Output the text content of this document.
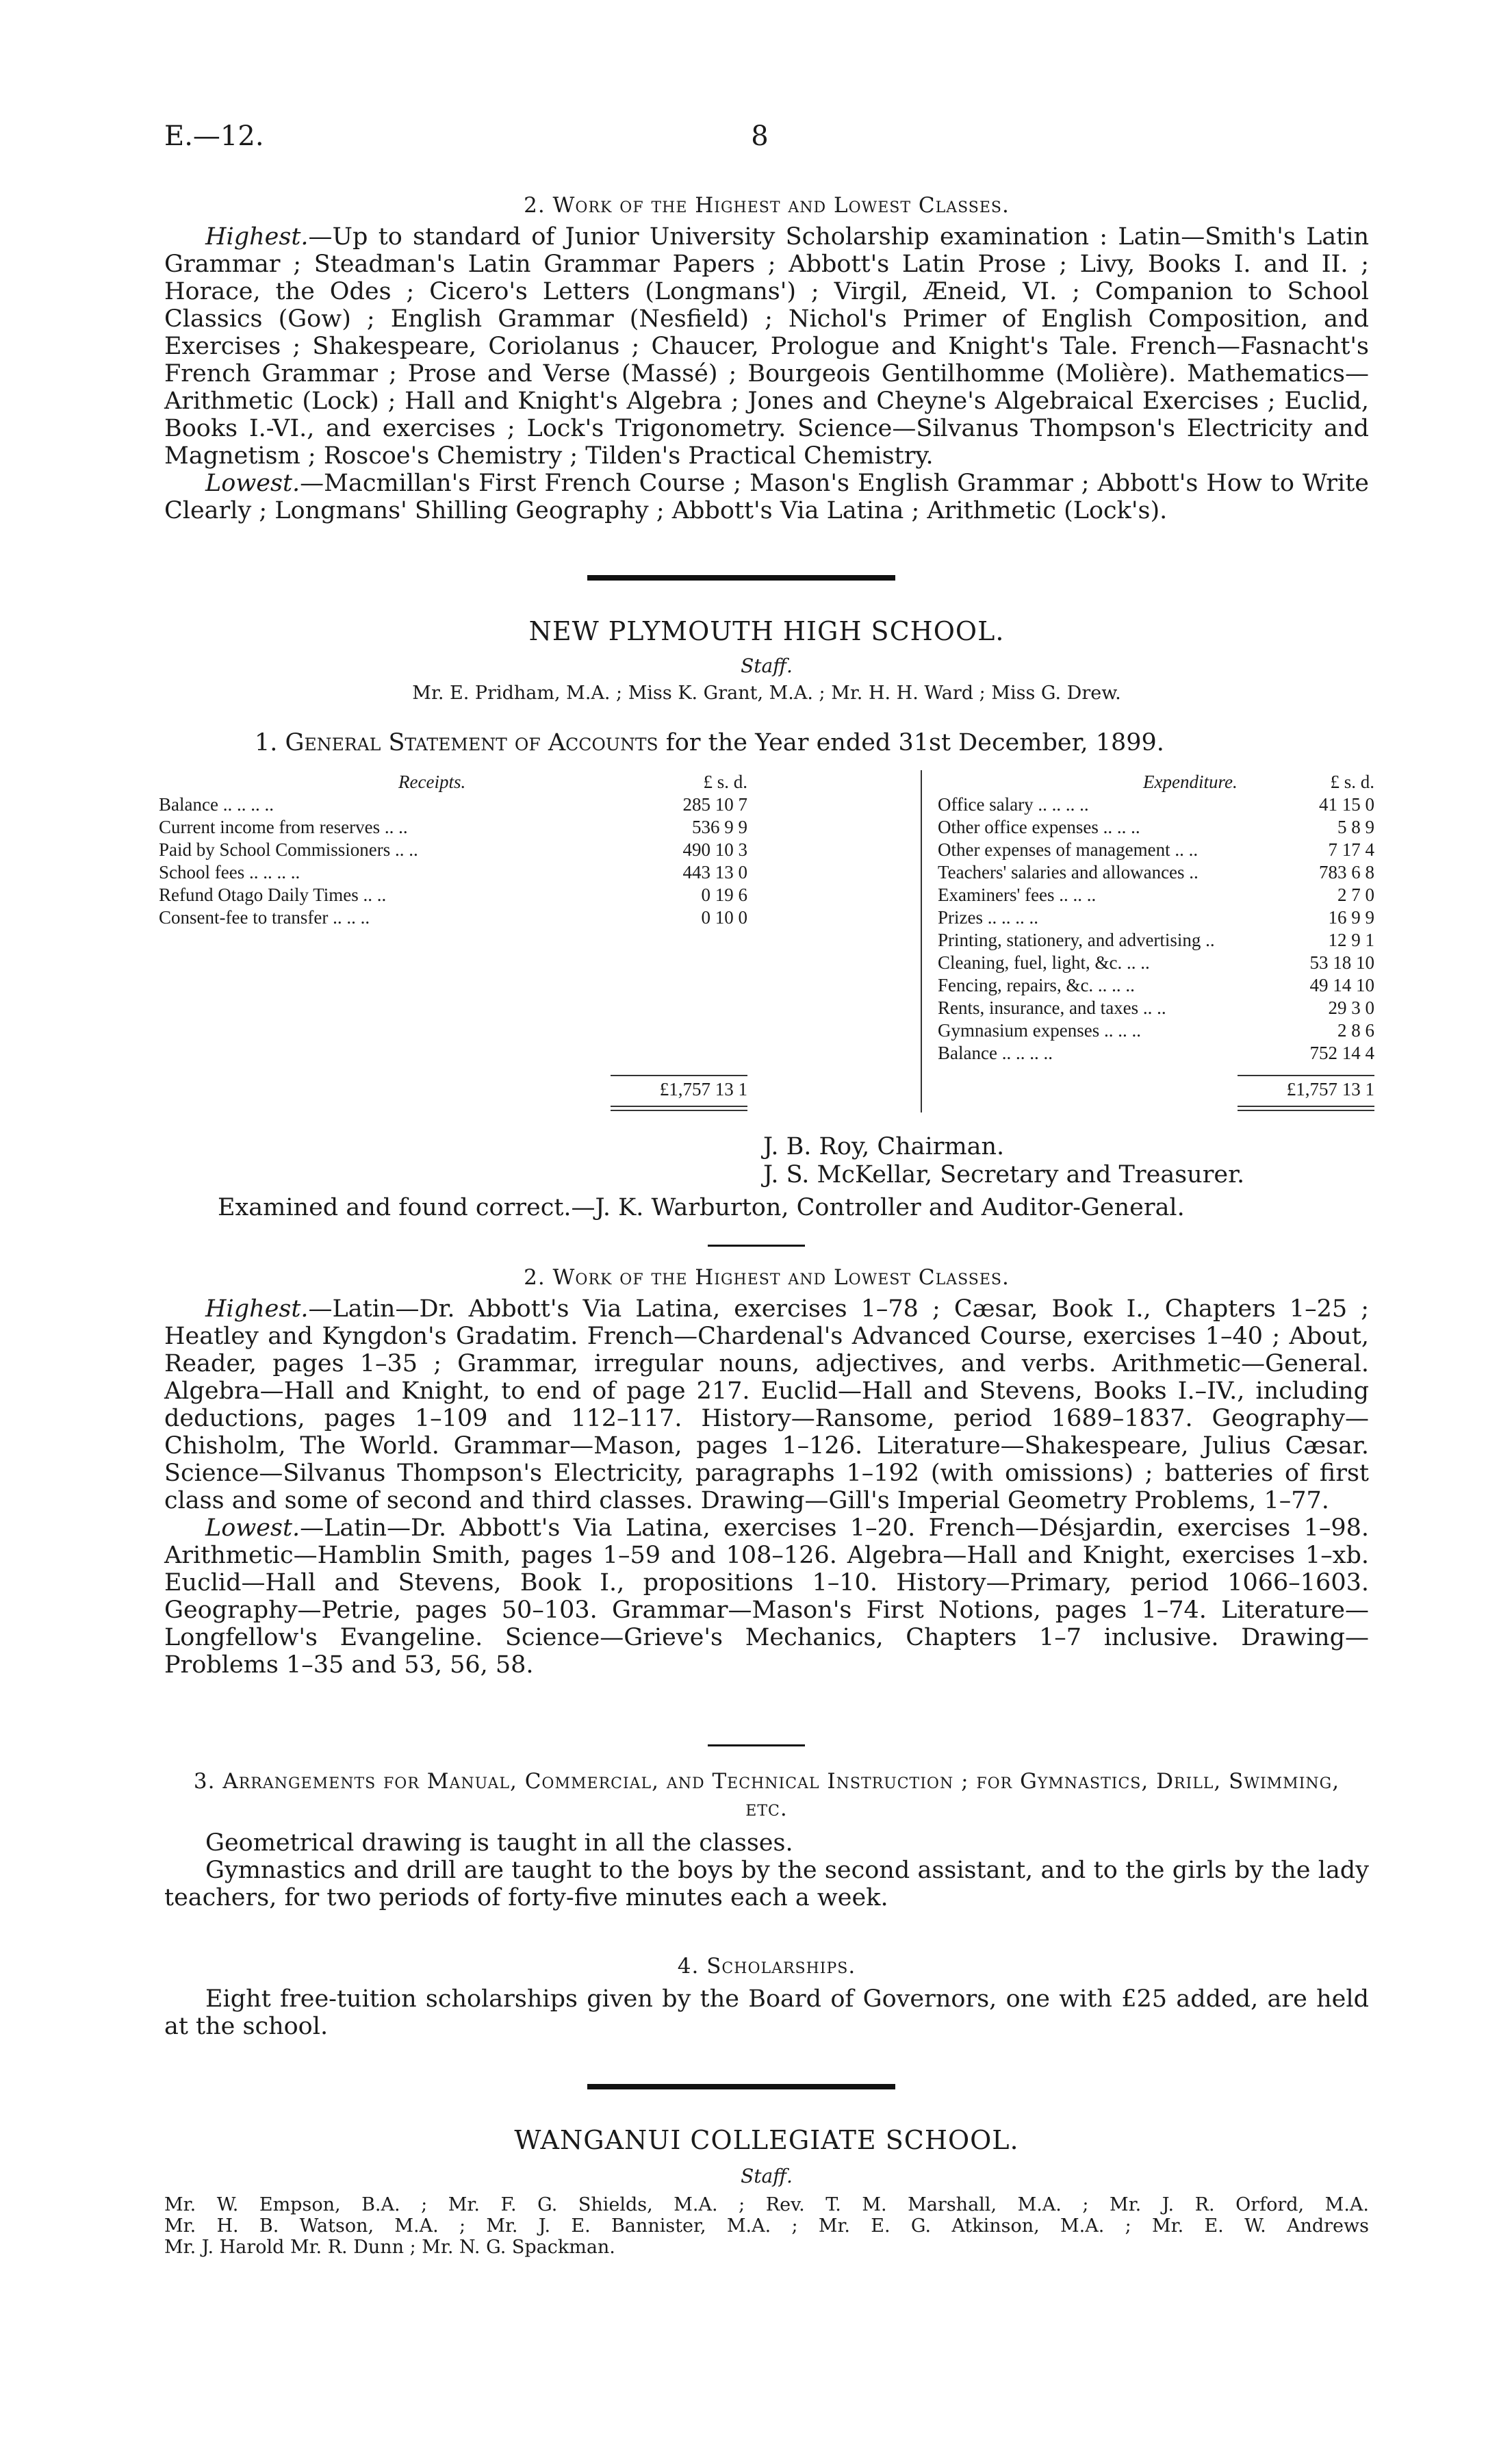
E.—12.	8
2. Work of the Highest and Lowest Classes.
Highest.—Up to standard of Junior University Scholarship examination : Latin—Smith's Latin Grammar ; Steadman's Latin Grammar Papers ; Abbott's Latin Prose ; Livy, Books I. and II. ; Horace, the Odes ; Cicero's Letters (Longmans') ; Virgil, Æneid, VI. ; Companion to School Classics (Gow) ; English Grammar (Nesfield) ; Nichol's Primer of English Composition, and Exercises ; Shakespeare, Coriolanus ; Chaucer, Prologue and Knight's Tale. French—Fasnacht's French Grammar ; Prose and Verse (Massé) ; Bourgeois Gentilhomme (Molière). Mathematics—Arithmetic (Lock) ; Hall and Knight's Algebra ; Jones and Cheyne's Algebraical Exercises ; Euclid, Books I.-VI., and exercises ; Lock's Trigonometry. Science—Silvanus Thompson's Electricity and Magnetism ; Roscoe's Chemistry ; Tilden's Practical Chemistry.
Lowest.—Macmillan's First French Course ; Mason's English Grammar ; Abbott's How to Write Clearly ; Longmans' Shilling Geography ; Abbott's Via Latina ; Arithmetic (Lock's).
NEW PLYMOUTH HIGH SCHOOL.
Staff.
Mr. E. Pridham, M.A. ; Miss K. Grant, M.A. ; Mr. H. H. Ward ; Miss G. Drew.
1. General Statement of Accounts for the Year ended 31st December, 1899.
Receipts.	£ s. d.
Balance .. .. .. ..	285 10 7
Current income from reserves .. ..	536 9 9
Paid by School Commissioners .. ..	490 10 3
School fees .. .. .. ..	443 13 0
Refund Otago Daily Times .. ..	0 19 6
Consent-fee to transfer .. .. ..	0 10 0
£1,757 13 1
Expenditure.	£ s. d.
Office salary .. .. .. ..	41 15 0
Other office expenses .. .. ..	5 8 9
Other expenses of management .. ..	7 17 4
Teachers' salaries and allowances ..	783 6 8
Examiners' fees .. .. ..	2 7 0
Prizes .. .. .. ..	16 9 9
Printing, stationery, and advertising ..	12 9 1
Cleaning, fuel, light, &c. .. ..	53 18 10
Fencing, repairs, &c. .. .. ..	49 14 10
Rents, insurance, and taxes .. ..	29 3 0
Gymnasium expenses .. .. ..	2 8 6
Balance .. .. .. ..	752 14 4
£1,757 13 1
J. B. Roy, Chairman.
J. S. McKellar, Secretary and Treasurer.
Examined and found correct.—J. K. Warburton, Controller and Auditor-General.
2. Work of the Highest and Lowest Classes.
Highest.—Latin—Dr. Abbott's Via Latina, exercises 1–78 ; Cæsar, Book I., Chapters 1–25 ; Heatley and Kyngdon's Gradatim. French—Chardenal's Advanced Course, exercises 1–40 ; About, Reader, pages 1–35 ; Grammar, irregular nouns, adjectives, and verbs. Arithmetic—General. Algebra—Hall and Knight, to end of page 217. Euclid—Hall and Stevens, Books I.–IV., including deductions, pages 1–109 and 112–117. History—Ransome, period 1689–1837. Geography—Chisholm, The World. Grammar—Mason, pages 1–126. Literature—Shakespeare, Julius Cæsar. Science—Silvanus Thompson's Electricity, paragraphs 1–192 (with omissions) ; batteries of first class and some of second and third classes. Drawing—Gill's Imperial Geometry Problems, 1–77.
Lowest.—Latin—Dr. Abbott's Via Latina, exercises 1–20. French—Désjardin, exercises 1–98. Arithmetic—Hamblin Smith, pages 1–59 and 108–126. Algebra—Hall and Knight, exercises 1–xb. Euclid—Hall and Stevens, Book I., propositions 1–10. History—Primary, period 1066–1603. Geography—Petrie, pages 50–103. Grammar—Mason's First Notions, pages 1–74. Literature—Longfellow's Evangeline. Science—Grieve's Mechanics, Chapters 1–7 inclusive. Drawing—Problems 1–35 and 53, 56, 58.
3. Arrangements for Manual, Commercial, and Technical Instruction ; for Gymnastics, Drill, Swimming, etc.
Geometrical drawing is taught in all the classes.
Gymnastics and drill are taught to the boys by the second assistant, and to the girls by the lady teachers, for two periods of forty-five minutes each a week.
4. Scholarships.
Eight free-tuition scholarships given by the Board of Governors, one with £25 added, are held at the school.
WANGANUI COLLEGIATE SCHOOL.
Staff.
Mr. W. Empson, B.A. ; Mr. F. G. Shields, M.A. ; Rev. T. M. Marshall, M.A. ; Mr. J. R. Orford, M.A.
Mr. H. B. Watson, M.A. ; Mr. J. E. Bannister, M.A. ; Mr. E. G. Atkinson, M.A. ; Mr. E. W. Andrews
Mr. J. Harold Mr. R. Dunn ; Mr. N. G. Spackman.
